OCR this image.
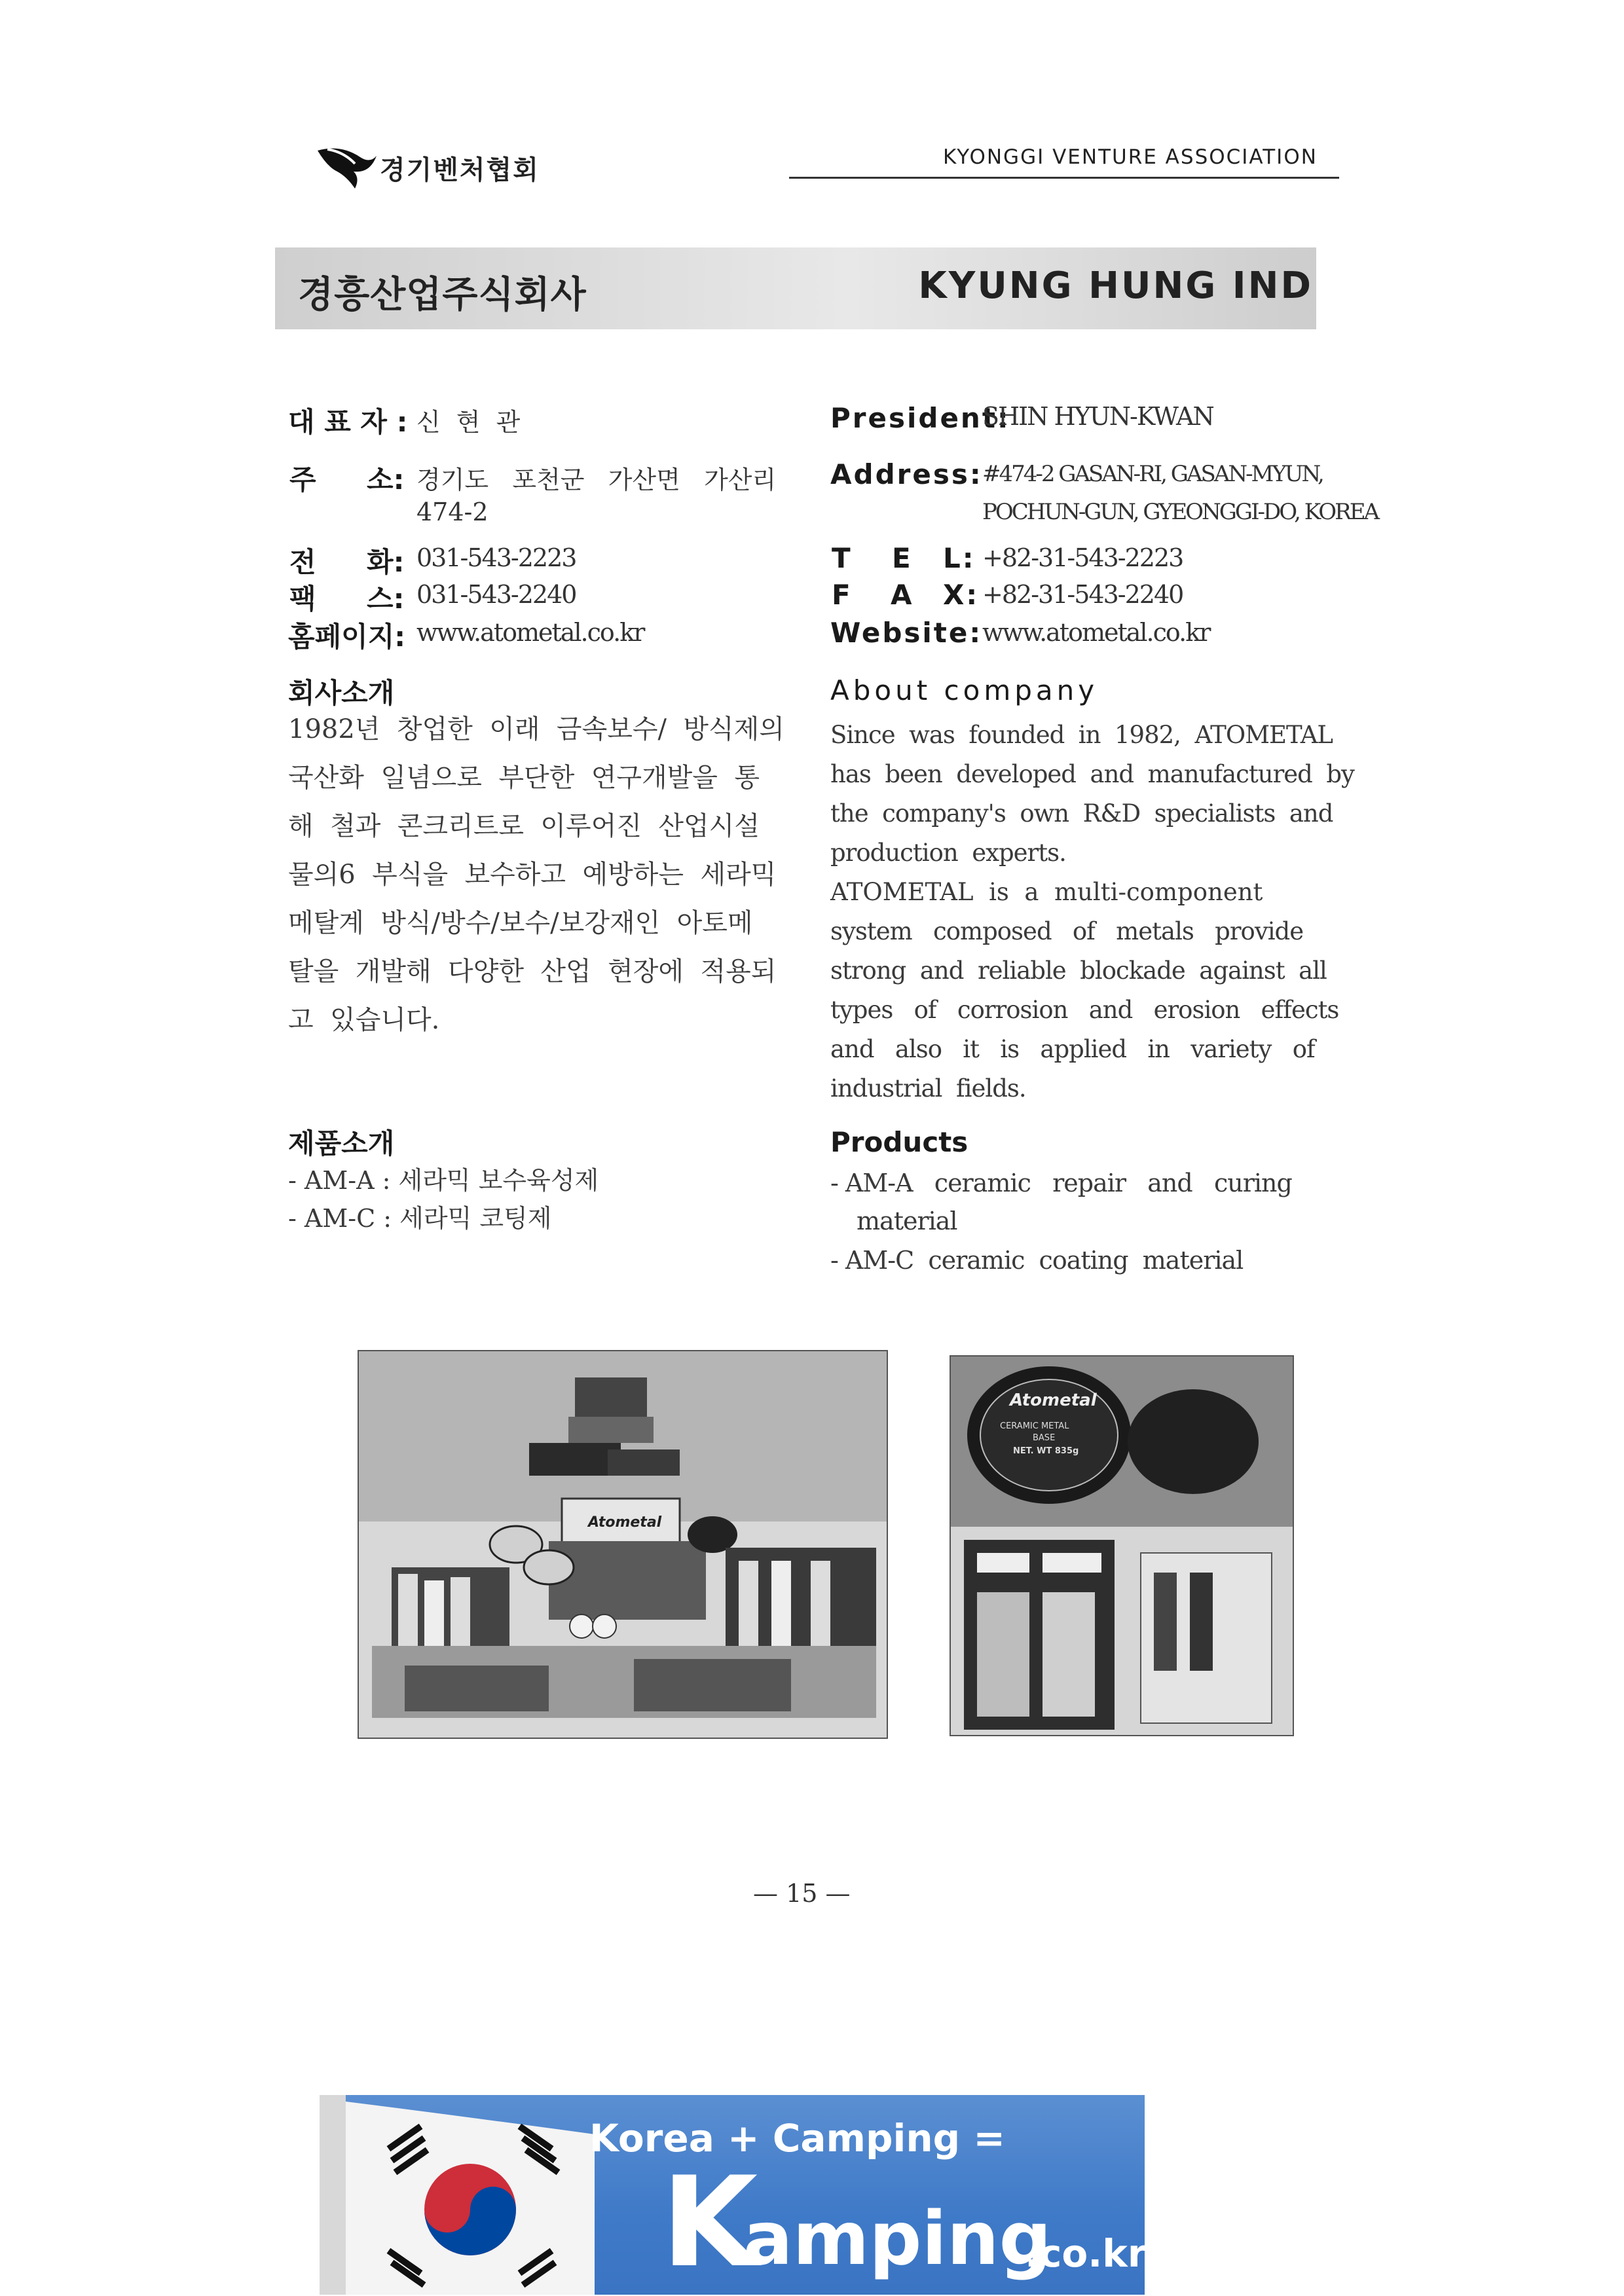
경기벤처협회	KYONGGI VENTURE ASSOCIATION
경흥산업주식회사	KYUNG HUNG IND
대 표 자 : 신 현 관
주 소: 경기도   포천군   가산면   가산리
474-2
전 화: 031-543-2223
팩 스: 031-543-2240
홈페이지: www.atometal.co.kr
President:
SHIN HYUN-KWAN
Address: #474-2 GASAN-RI, GASAN-MYUN,
POCHUN-GUN, GYEONGGI-DO, KOREA
T E L: +82-31-543-2223
F A X: +82-31-543-2240
Website: www.atometal.co.kr
회사소개
1982년  창업한  이래  금속보수/  방식제의
국산화  일념으로  부단한  연구개발을  통
해  철과  콘크리트로  이루어진  산업시설
물의6  부식을  보수하고  예방하는  세라믹
메탈계  방식/방수/보수/보강재인  아토메
탈을  개발해  다양한  산업  현장에  적용되
고  있습니다.
About company
Since  was  founded  in  1982,  ATOMETAL
has  been  developed  and  manufactured  by
the  company's  own  R&D  specialists  and
production  experts.
ATOMETAL  is  a  multi-component
system   composed   of   metals   provide
strong  and  reliable  blockade  against  all
types   of   corrosion   and   erosion   effects
and   also   it   is   applied   in   variety   of
industrial  fields.
제품소개
- AM-A : 세라믹 보수육성제
- AM-C : 세라믹 코팅제
Products
- AM-A   ceramic   repair   and   curing
material
- AM-C  ceramic  coating  material
Atometal
Atometal
CERAMIC METAL
BASE
NET. WT 835g
— 15 —
Korea + Camping =
K
amping
.co.kr
